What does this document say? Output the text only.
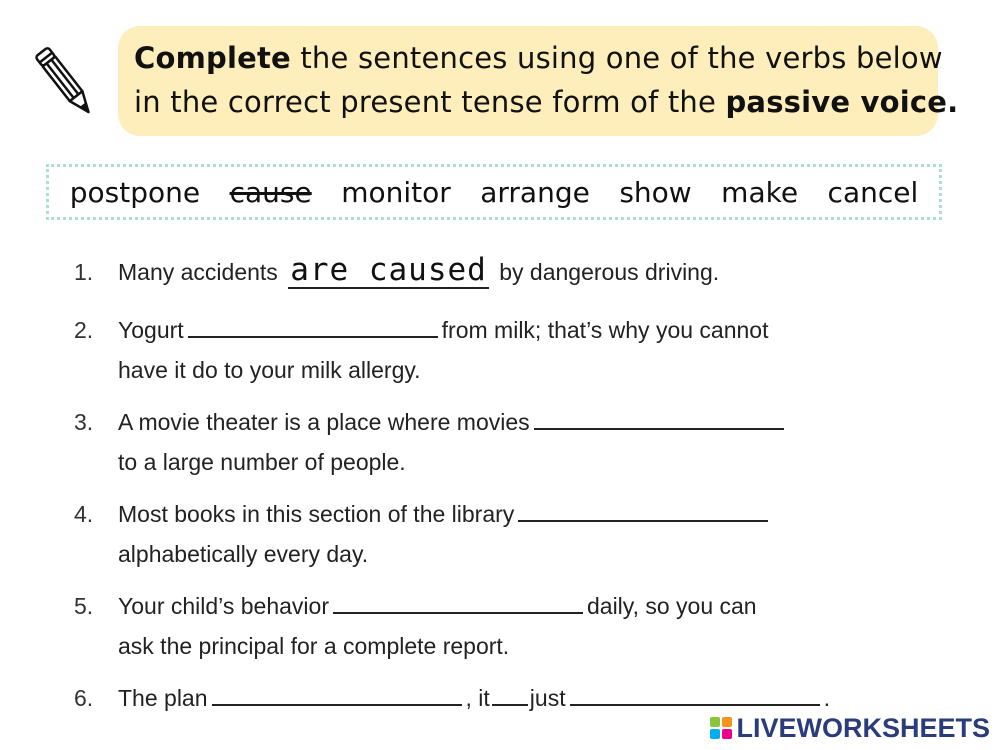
Complete the sentences using one of the verbs below
in the correct present tense form of the passive voice.
postpone cause monitor arrange show make cancel
1.	Many accidents are caused by dangerous driving.
2.	Yogurt	from milk; that’s why you cannot
have it do to your milk allergy.
3.	A movie theater is a place where movies
to a large number of people.
4.	Most books in this section of the library
alphabetically every day.
5.	Your child’s behavior	daily, so you can
ask the principal for a complete report.
6.	The plan	, it just	.
LIVEWORKSHEETS
